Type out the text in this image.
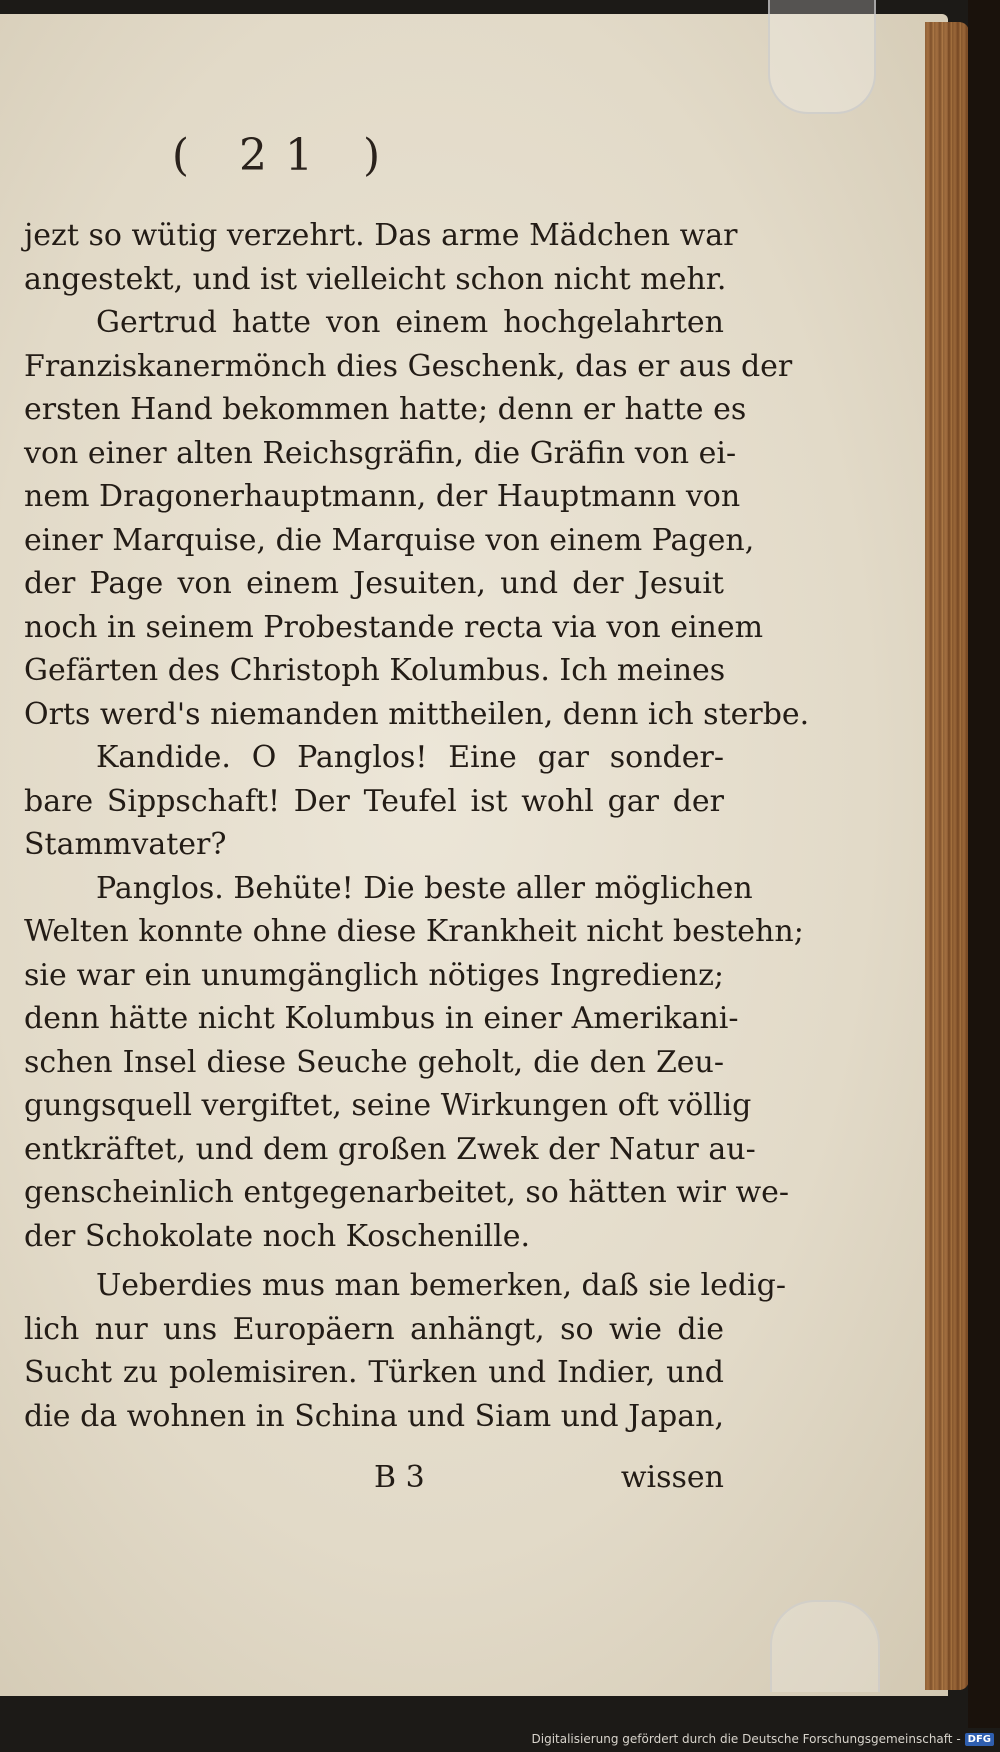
( 21 )
jezt so wütig verzehrt. Das arme Mädchen war
angestekt, und ist vielleicht schon nicht mehr.
Gertrud hatte von einem hochgelahrten
Franziskanermönch dies Geschenk, das er aus der
ersten Hand bekommen hatte; denn er hatte es
von einer alten Reichsgräfin, die Gräfin von ei-
nem Dragonerhauptmann, der Hauptmann von
einer Marquise, die Marquise von einem Pagen,
der Page von einem Jesuiten, und der Jesuit
noch in seinem Probestande recta via von einem
Gefärten des Christoph Kolumbus. Ich meines
Orts werd's niemanden mittheilen, denn ich sterbe.
Kandide. O Panglos! Eine gar sonder-
bare Sippschaft! Der Teufel ist wohl gar der
Stammvater?
Panglos. Behüte! Die beste aller möglichen
Welten konnte ohne diese Krankheit nicht bestehn;
sie war ein unumgänglich nötiges Ingredienz;
denn hätte nicht Kolumbus in einer Amerikani-
schen Insel diese Seuche geholt, die den Zeu-
gungsquell vergiftet, seine Wirkungen oft völlig
entkräftet, und dem großen Zwek der Natur au-
genscheinlich entgegenarbeitet, so hätten wir we-
der Schokolate noch Koschenille.
Ueberdies mus man bemerken, daß sie ledig-
lich nur uns Europäern anhängt, so wie die
Sucht zu polemisiren. Türken und Indier, und
die da wohnen in Schina und Siam und Japan,
B 3	wissen
Digitalisierung gefördert durch die Deutsche Forschungsgemeinschaft - DFG
